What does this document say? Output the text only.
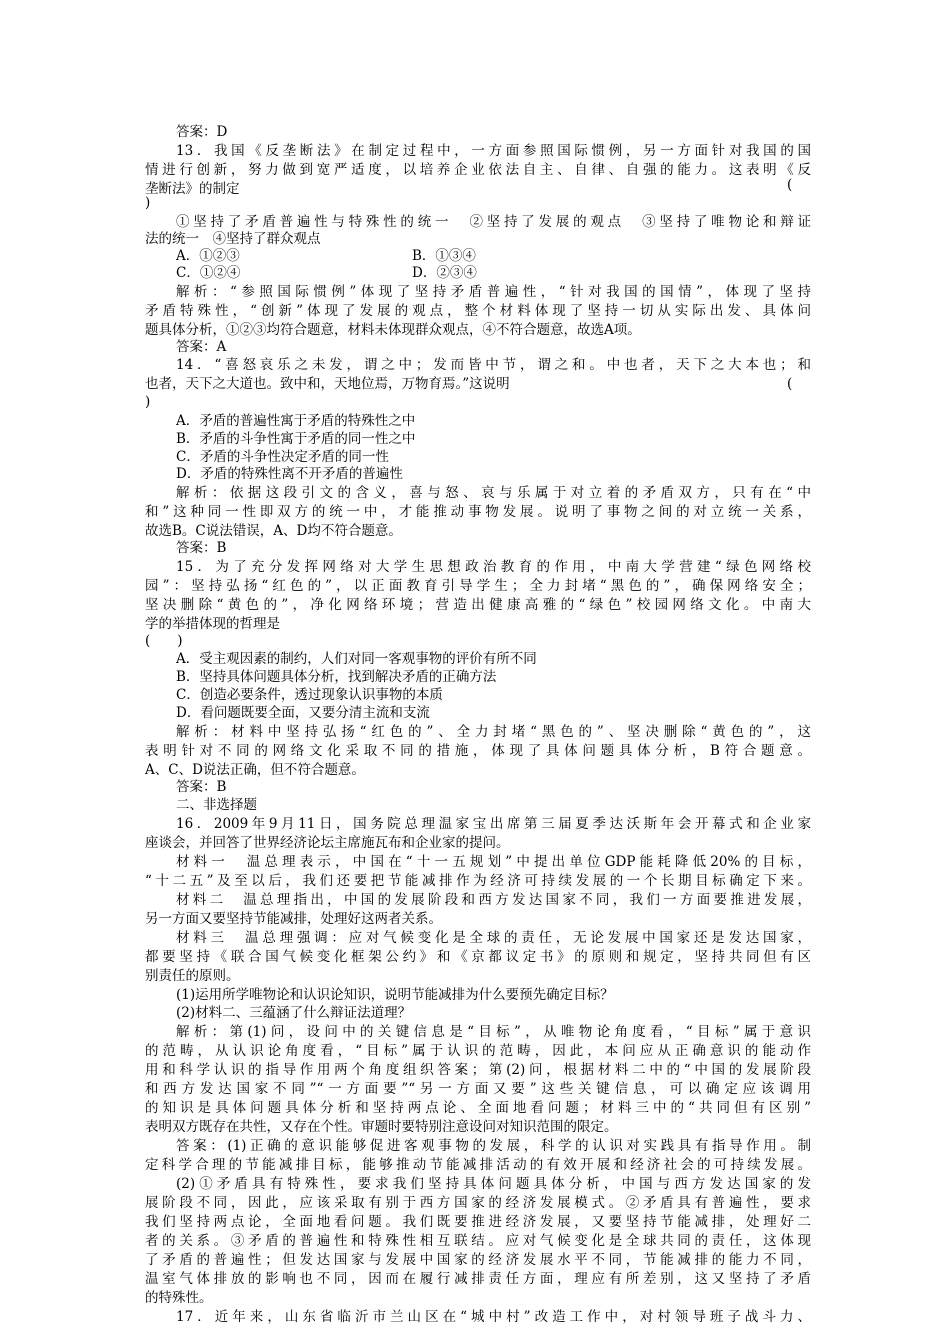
答案：D
13．我国《反垄断法》在制定过程中，一方面参照国际惯例，另一方面针对我国的国
情进行创新，努力做到宽严适度，以培养企业依法自主、自律、自强的能力。这表明《反
垄断法》的制定	(
)
①坚持了矛盾普遍性与特殊性的统一　②坚持了发展的观点　③坚持了唯物论和辩证
法的统一　④坚持了群众观点
A．①②③	B．①③④
C．①②④	D．②③④
解析：“参照国际惯例”体现了坚持矛盾普遍性，“针对我国的国情”，体现了坚持
矛盾特殊性，“创新”体现了发展的观点，整个材料体现了坚持一切从实际出发、具体问
题具体分析，①②③均符合题意，材料未体现群众观点，④不符合题意，故选A项。
答案：A
14．“喜怒哀乐之未发，谓之中；发而皆中节，谓之和。中也者，天下之大本也；和
也者，天下之大道也。致中和，天地位焉，万物育焉。”这说明	(
)
A．矛盾的普遍性寓于矛盾的特殊性之中
B．矛盾的斗争性寓于矛盾的同一性之中
C．矛盾的斗争性决定矛盾的同一性
D．矛盾的特殊性离不开矛盾的普遍性
解析：依据这段引文的含义，喜与怒、哀与乐属于对立着的矛盾双方，只有在“中
和”这种同一性即双方的统一中，才能推动事物发展。说明了事物之间的对立统一关系，
故选B。C说法错误，A、D均不符合题意。
答案：B
15．为了充分发挥网络对大学生思想政治教育的作用，中南大学营建“绿色网络校
园”：坚持弘扬“红色的”，以正面教育引导学生；全力封堵“黑色的”，确保网络安全；
坚决删除“黄色的”，净化网络环境；营造出健康高雅的“绿色”校园网络文化。中南大
学的举措体现的哲理是
(　　)
A．受主观因素的制约，人们对同一客观事物的评价有所不同
B．坚持具体问题具体分析，找到解决矛盾的正确方法
C．创造必要条件，透过现象认识事物的本质
D．看问题既要全面，又要分清主流和支流
解析：材料中坚持弘扬“红色的”、全力封堵“黑色的”、坚决删除“黄色的”，这
表明针对不同的网络文化采取不同的措施，体现了具体问题具体分析，B符合题意。
A、C、D说法正确，但不符合题意。
答案：B
二、非选择题
16．2009年9月11日，国务院总理温家宝出席第三届夏季达沃斯年会开幕式和企业家
座谈会，并回答了世界经济论坛主席施瓦布和企业家的提问。
材料一　温总理表示，中国在“十一五规划”中提出单位GDP能耗降低20%的目标，
“十二五”及至以后，我们还要把节能减排作为经济可持续发展的一个长期目标确定下来。
材料二　温总理指出，中国的发展阶段和西方发达国家不同，我们一方面要推进发展，
另一方面又要坚持节能减排，处理好这两者关系。
材料三　温总理强调：应对气候变化是全球的责任，无论发展中国家还是发达国家，
都要坚持《联合国气候变化框架公约》和《京都议定书》的原则和规定，坚持共同但有区
别责任的原则。
(1)运用所学唯物论和认识论知识，说明节能减排为什么要预先确定目标？
(2)材料二、三蕴涵了什么辩证法道理？
解析：第(1)问，设问中的关键信息是“目标”，从唯物论角度看，“目标”属于意识
的范畴，从认识论角度看，“目标”属于认识的范畴，因此，本问应从正确意识的能动作
用和科学认识的指导作用两个角度组织答案；第(2)问，根据材料二中的“中国的发展阶段
和西方发达国家不同”“一方面要”“另一方面又要”这些关键信息，可以确定应该调用
的知识是具体问题具体分析和坚持两点论、全面地看问题；材料三中的“共同但有区别”
表明双方既存在共性，又存在个性。审题时要特别注意设问对知识范围的限定。
答案：(1)正确的意识能够促进客观事物的发展，科学的认识对实践具有指导作用。制
定科学合理的节能减排目标，能够推动节能减排活动的有效开展和经济社会的可持续发展。
(2)①矛盾具有特殊性，要求我们坚持具体问题具体分析，中国与西方发达国家的发
展阶段不同，因此，应该采取有别于西方国家的经济发展模式。②矛盾具有普遍性，要求
我们坚持两点论，全面地看问题。我们既要推进经济发展，又要坚持节能减排，处理好二
者的关系。③矛盾的普遍性和特殊性相互联结。应对气候变化是全球共同的责任，这体现
了矛盾的普遍性；但发达国家与发展中国家的经济发展水平不同，节能减排的能力不同，
温室气体排放的影响也不同，因而在履行减排责任方面，理应有所差别，这又坚持了矛盾
的特殊性。
17．近年来，山东省临沂市兰山区在“城中村”改造工作中，对村领导班子战斗力、
